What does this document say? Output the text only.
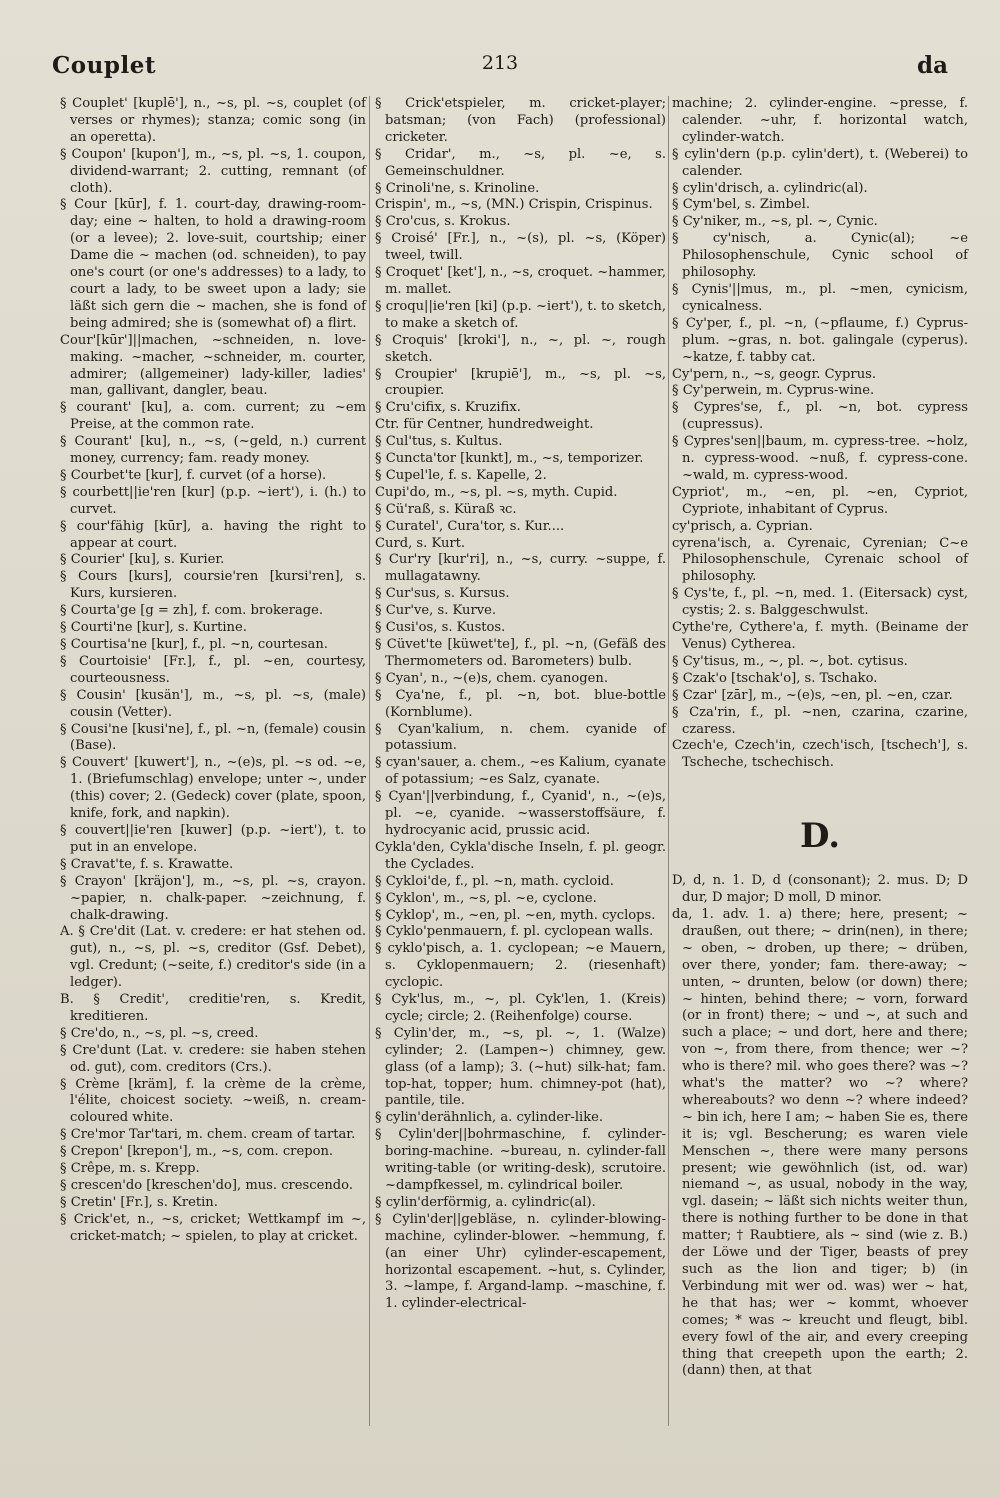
Couplet	213	da

§ Couplet' [kuplē'], n., ~s, pl. ~s, couplet (of verses or rhymes); stanza; comic song (in an operetta).

§ Coupon' [kupon'], m., ~s, pl. ~s, 1. coupon, dividend-warrant; 2. cutting, remnant (of cloth).

§ Cour [kūr], f. 1. court-day, drawing-room-day; eine ~ halten, to hold a drawing-room (or a levee); 2. love-suit, courtship; einer Dame die ~ machen (od. schneiden), to pay one's court (or one's addresses) to a lady, to court a lady, to be sweet upon a lady; sie läßt sich gern die ~ machen, she is fond of being admired; she is (somewhat of) a flirt.

Cour'[kūr']||machen, ~schneiden, n. love-making. ~macher, ~schneider, m. courter, admirer; (allgemeiner) lady-killer, ladies' man, gallivant, dangler, beau.

§ courant' [ku], a. com. current; zu ~em Preise, at the common rate.

§ Courant' [ku], n., ~s, (~geld, n.) current money, currency; fam. ready money.

§ Courbet'te [kur], f. curvet (of a horse).

§ courbett||ie'ren [kur] (p.p. ~iert'), i. (h.) to curvet.

§ cour'fähig [kūr], a. having the right to appear at court.

§ Courier' [ku], s. Kurier.

§ Cours [kurs], coursie'ren [kursi'ren], s. Kurs, kursieren.

§ Courta'ge [g = zh], f. com. brokerage.

§ Courti'ne [kur], s. Kurtine.

§ Courtisa'ne [kur], f., pl. ~n, courtesan.

§ Courtoisie' [Fr.], f., pl. ~en, courtesy, courteousness.

§ Cousin' [kusän'], m., ~s, pl. ~s, (male) cousin (Vetter).

§ Cousi'ne [kusi'ne], f., pl. ~n, (female) cousin (Base).

§ Couvert' [kuwert'], n., ~(e)s, pl. ~s od. ~e, 1. (Briefumschlag) envelope; unter ~, under (this) cover; 2. (Gedeck) cover (plate, spoon, knife, fork, and napkin).

§ couvert||ie'ren [kuwer] (p.p. ~iert'), t. to put in an envelope.

§ Cravat'te, f. s. Krawatte.

§ Crayon' [kräjon'], m., ~s, pl. ~s, crayon. ~papier, n. chalk-paper. ~zeichnung, f. chalk-drawing.

A. § Cre'dit (Lat. v. credere: er hat stehen od. gut), n., ~s, pl. ~s, creditor (Gsf. Debet), vgl. Credunt; (~seite, f.) creditor's side (in a ledger).

B. § Credit', creditie'ren, s. Kredit, kreditieren.

§ Cre'do, n., ~s, pl. ~s, creed.

§ Cre'dunt (Lat. v. credere: sie haben stehen od. gut), com. creditors (Crs.).

§ Crème [kräm], f. la crème de la crème, l'élite, choicest society. ~weiß, n. cream-coloured white.

§ Cre'mor Tar'tari, m. chem. cream of tartar.

§ Crepon' [krepon'], m., ~s, com. crepon.

§ Crêpe, m. s. Krepp.

§ crescen'do [kreschen'do], mus. crescendo.

§ Cretin' [Fr.], s. Kretin.

§ Crick'et, n., ~s, cricket; Wettkampf im ~, cricket-match; ~ spielen, to play at cricket.

§ Crick'etspieler, m. cricket-player; batsman; (von Fach) (professional) cricketer.

§ Cridar', m., ~s, pl. ~e, s. Gemeinschuldner.

§ Crinoli'ne, s. Krinoline.

Crispin', m., ~s, (MN.) Crispin, Crispinus.

§ Cro'cus, s. Krokus.

§ Croisé' [Fr.], n., ~(s), pl. ~s, (Köper) tweel, twill.

§ Croquet' [ket'], n., ~s, croquet. ~hammer, m. mallet.

§ croqu||ie'ren [ki] (p.p. ~iert'), t. to sketch, to make a sketch of.

§ Croquis' [kroki'], n., ~, pl. ~, rough sketch.

§ Croupier' [krupiē'], m., ~s, pl. ~s, croupier.

§ Cru'cifix, s. Kruzifix.

Ctr. für Centner, hundredweight.

§ Cul'tus, s. Kultus.

§ Cuncta'tor [kunkt], m., ~s, temporizer.

§ Cupel'le, f. s. Kapelle, 2.

Cupi'do, m., ~s, pl. ~s, myth. Cupid.

§ Cü'raß, s. Küraß ꝛc.

§ Curatel', Cura'tor, s. Kur....

Curd, s. Kurt.

§ Cur'ry [kur'ri], n., ~s, curry. ~suppe, f. mullagatawny.

§ Cur'sus, s. Kursus.

§ Cur've, s. Kurve.

§ Cusi'os, s. Kustos.

§ Cüvet'te [küwet'te], f., pl. ~n, (Gefäß des Thermometers od. Barometers) bulb.

§ Cyan', n., ~(e)s, chem. cyanogen.

§ Cya'ne, f., pl. ~n, bot. blue-bottle (Kornblume).

§ Cyan'kalium, n. chem. cyanide of potassium.

§ cyan'sauer, a. chem., ~es Kalium, cyanate of potassium; ~es Salz, cyanate.

§ Cyan'||verbindung, f., Cyanid', n., ~(e)s, pl. ~e, cyanide. ~wasserstoffsäure, f. hydrocyanic acid, prussic acid.

Cykla'den, Cykla'dische Inseln, f. pl. geogr. the Cyclades.

§ Cykloi'de, f., pl. ~n, math. cycloid.

§ Cyklon', m., ~s, pl. ~e, cyclone.

§ Cyklop', m., ~en, pl. ~en, myth. cyclops.

§ Cyklo'penmauern, f. pl. cyclopean walls.

§ cyklo'pisch, a. 1. cyclopean; ~e Mauern, s. Cyklopenmauern; 2. (riesenhaft) cyclopic.

§ Cyk'lus, m., ~, pl. Cyk'len, 1. (Kreis) cycle; circle; 2. (Reihenfolge) course.

§ Cylin'der, m., ~s, pl. ~, 1. (Walze) cylinder; 2. (Lampen~) chimney, gew. glass (of a lamp); 3. (~hut) silk-hat; fam. top-hat, topper; hum. chimney-pot (hat), pantile, tile.

§ cylin'derähnlich, a. cylinder-like.

§ Cylin'der||bohrmaschine, f. cylinder-boring-machine. ~bureau, n. cylinder-fall writing-table (or writing-desk), scrutoire. ~dampfkessel, m. cylindrical boiler.

§ cylin'derförmig, a. cylindric(al).

§ Cylin'der||gebläse, n. cylinder-blowing-machine, cylinder-blower. ~hemmung, f. (an einer Uhr) cylinder-escapement, horizontal escapement. ~hut, s. Cylinder, 3. ~lampe, f. Argand-lamp. ~maschine, f. 1. cylinder-electrical-

machine; 2. cylinder-engine. ~presse, f. calender. ~uhr, f. horizontal watch, cylinder-watch.

§ cylin'dern (p.p. cylin'dert), t. (Weberei) to calender.

§ cylin'drisch, a. cylindric(al).

§ Cym'bel, s. Zimbel.

§ Cy'niker, m., ~s, pl. ~, Cynic.

§ cy'nisch, a. Cynic(al); ~e Philosophenschule, Cynic school of philosophy.

§ Cynis'||mus, m., pl. ~men, cynicism, cynicalness.

§ Cy'per, f., pl. ~n, (~pflaume, f.) Cyprus-plum. ~gras, n. bot. galingale (cyperus). ~katze, f. tabby cat.

Cy'pern, n., ~s, geogr. Cyprus.

§ Cy'perwein, m. Cyprus-wine.

§ Cypres'se, f., pl. ~n, bot. cypress (cupressus).

§ Cypres'sen||baum, m. cypress-tree. ~holz, n. cypress-wood. ~nuß, f. cypress-cone. ~wald, m. cypress-wood.

Cypriot', m., ~en, pl. ~en, Cypriot, Cypriote, inhabitant of Cyprus.

cy'prisch, a. Cyprian.

cyrena'isch, a. Cyrenaic, Cyrenian; C~e Philosophenschule, Cyrenaic school of philosophy.

§ Cys'te, f., pl. ~n, med. 1. (Eitersack) cyst, cystis; 2. s. Balggeschwulst.

Cythe're, Cythere'a, f. myth. (Beiname der Venus) Cytherea.

§ Cy'tisus, m., ~, pl. ~, bot. cytisus.

§ Czak'o [tschak'o], s. Tschako.

§ Czar' [zār], m., ~(e)s, ~en, pl. ~en, czar.

§ Cza'rin, f., pl. ~nen, czarina, czarine, czaress.

Czech'e, Czech'in, czech'isch, [tschech'], s. Tscheche, tschechisch.

D.

D, d, n. 1. D, d (consonant); 2. mus. D; D dur, D major; D moll, D minor.

da, 1. adv. 1. a) there; here, present; ~ draußen, out there; ~ drin(nen), in there; ~ oben, ~ droben, up there; ~ drüben, over there, yonder; fam. there-away; ~ unten, ~ drunten, below (or down) there; ~ hinten, behind there; ~ vorn, forward (or in front) there; ~ und ~, at such and such a place; ~ und dort, here and there; von ~, from there, from thence; wer ~? who is there? mil. who goes there? was ~? what's the matter? wo ~? where? whereabouts? wo denn ~? where indeed? ~ bin ich, here I am; ~ haben Sie es, there it is; vgl. Bescherung; es waren viele Menschen ~, there were many persons present; wie gewöhnlich (ist, od. war) niemand ~, as usual, nobody in the way, vgl. dasein; ~ läßt sich nichts weiter thun, there is nothing further to be done in that matter; † Raubtiere, als ~ sind (wie z. B.) der Löwe und der Tiger, beasts of prey such as the lion and tiger; b) (in Verbindung mit wer od. was) wer ~ hat, he that has; wer ~ kommt, whoever comes; * was ~ kreucht und fleugt, bibl. every fowl of the air, and every creeping thing that creepeth upon the earth; 2. (dann) then, at that
